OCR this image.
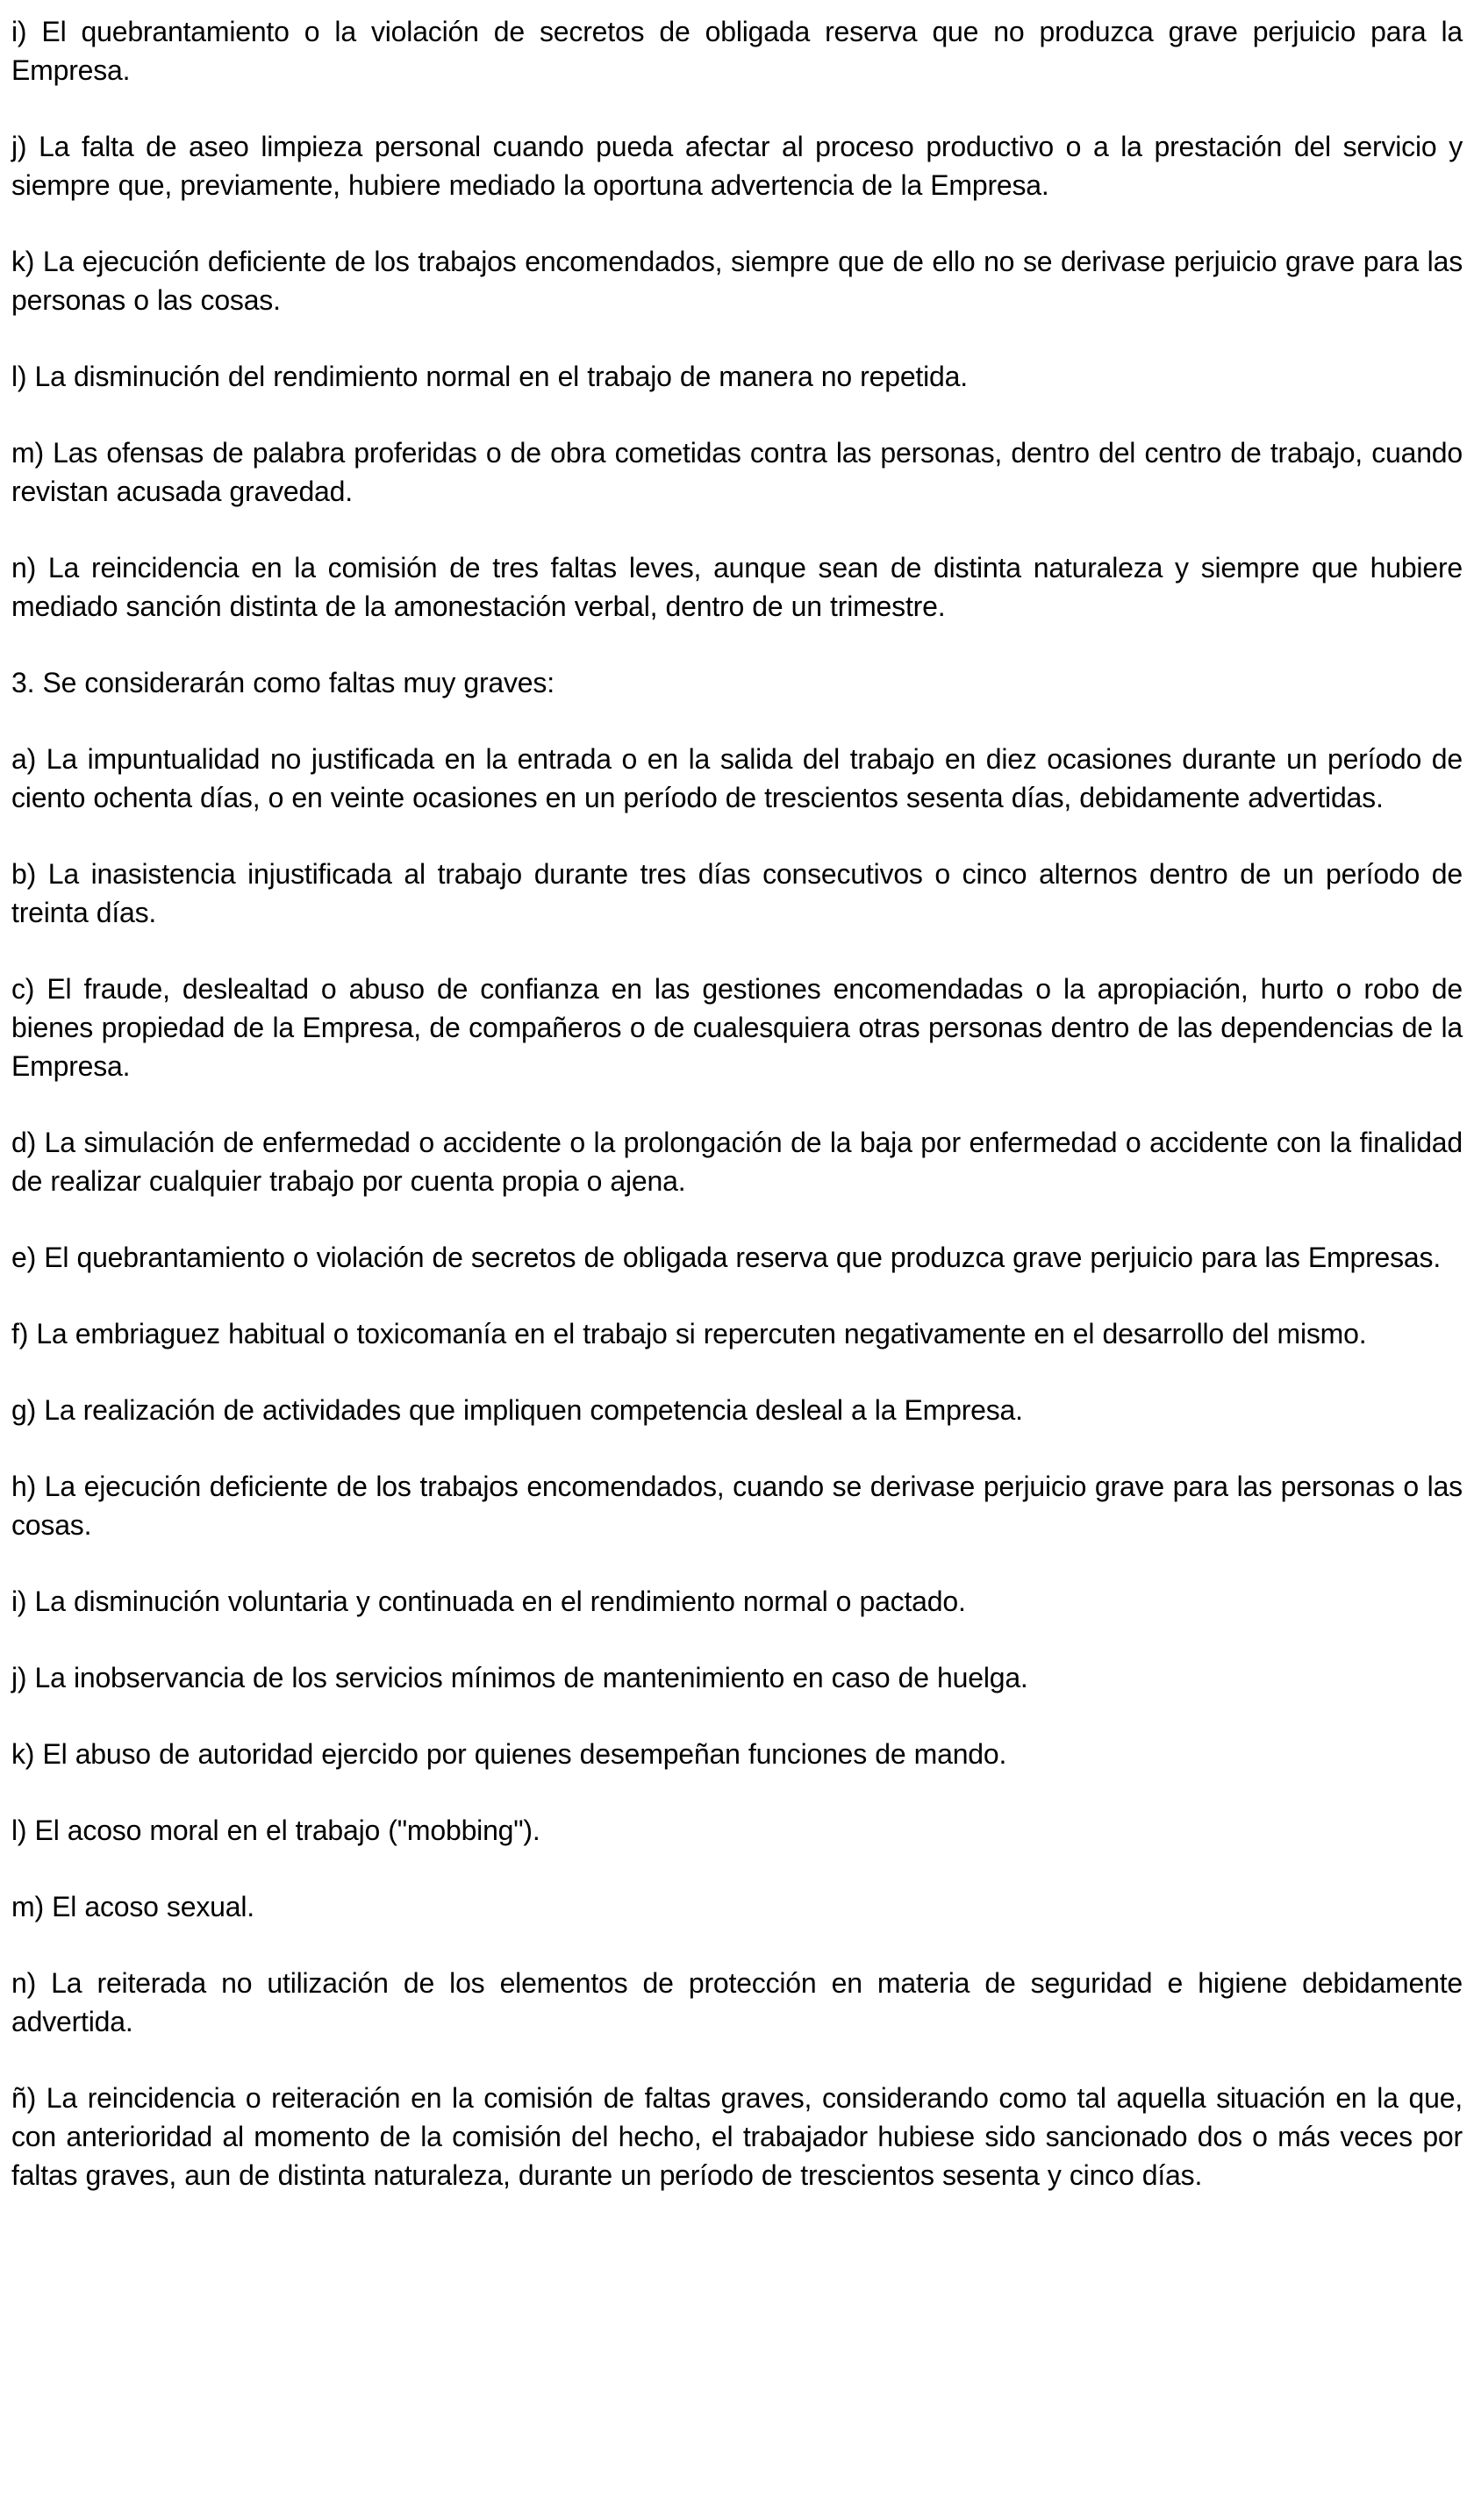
i) El quebrantamiento o la violación de secretos de obligada reserva que no produzca grave perjuicio para la Empresa.

j) La falta de aseo limpieza personal cuando pueda afectar al proceso productivo o a la prestación del servicio y siempre que, previamente, hubiere mediado la oportuna advertencia de la Empresa.

k) La ejecución deficiente de los trabajos encomendados, siempre que de ello no se derivase perjuicio grave para las personas o las cosas.

l) La disminución del rendimiento normal en el trabajo de manera no repetida.

m) Las ofensas de palabra proferidas o de obra cometidas contra las personas, dentro del centro de trabajo, cuando revistan acusada gravedad.

n) La reincidencia en la comisión de tres faltas leves, aunque sean de distinta naturaleza y siempre que hubiere mediado sanción distinta de la amonestación verbal, dentro de un trimestre.

3. Se considerarán como faltas muy graves:

a) La impuntualidad no justificada en la entrada o en la salida del trabajo en diez ocasiones durante un período de ciento ochenta días, o en veinte ocasiones en un período de trescientos sesenta días, debidamente advertidas.

b) La inasistencia injustificada al trabajo durante tres días consecutivos o cinco alternos dentro de un período de treinta días.

c) El fraude, deslealtad o abuso de confianza en las gestiones encomendadas o la apropiación, hurto o robo de bienes propiedad de la Empresa, de compañeros o de cualesquiera otras personas dentro de las dependencias de la Empresa.

d) La simulación de enfermedad o accidente o la prolongación de la baja por enfermedad o accidente con la finalidad de realizar cualquier trabajo por cuenta propia o ajena.

e) El quebrantamiento o violación de secretos de obligada reserva que produzca grave perjuicio para las Empresas.

f) La embriaguez habitual o toxicomanía en el trabajo si repercuten negativamente en el desarrollo del mismo.

g) La realización de actividades que impliquen competencia desleal a la Empresa.

h) La ejecución deficiente de los trabajos encomendados, cuando se derivase perjuicio grave para las personas o las cosas.

i) La disminución voluntaria y continuada en el rendimiento normal o pactado.

j) La inobservancia de los servicios mínimos de mantenimiento en caso de huelga.

k) El abuso de autoridad ejercido por quienes desempeñan funciones de mando.

l) El acoso moral en el trabajo ("mobbing").

m) El acoso sexual.

n) La reiterada no utilización de los elementos de protección en materia de seguridad e higiene debidamente advertida.

ñ) La reincidencia o reiteración en la comisión de faltas graves, considerando como tal aquella situación en la que, con anterioridad al momento de la comisión del hecho, el trabajador hubiese sido sancionado dos o más veces por faltas graves, aun de distinta naturaleza, durante un período de trescientos sesenta y cinco días.
